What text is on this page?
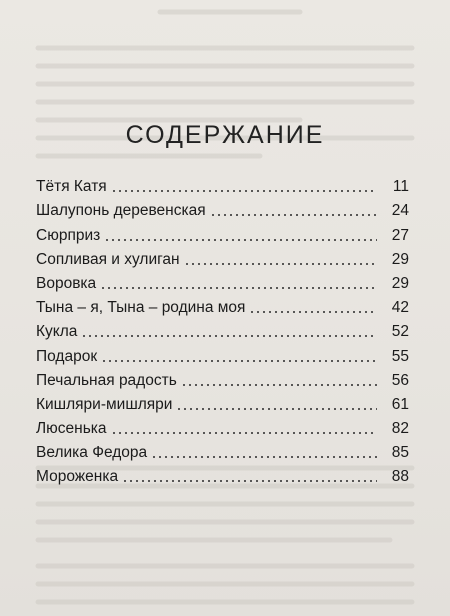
СОДЕРЖАНИЕ
Тётя Катя	11
Шалупонь деревенская	24
Сюрприз	27
Сопливая и хулиган	29
Воровка	29
Тына – я, Тына – родина моя	42
Кукла	52
Подарок	55
Печальная радость	56
Кишляри-мишляри	61
Люсенька	82
Велика Федора	85
Мороженка	88
